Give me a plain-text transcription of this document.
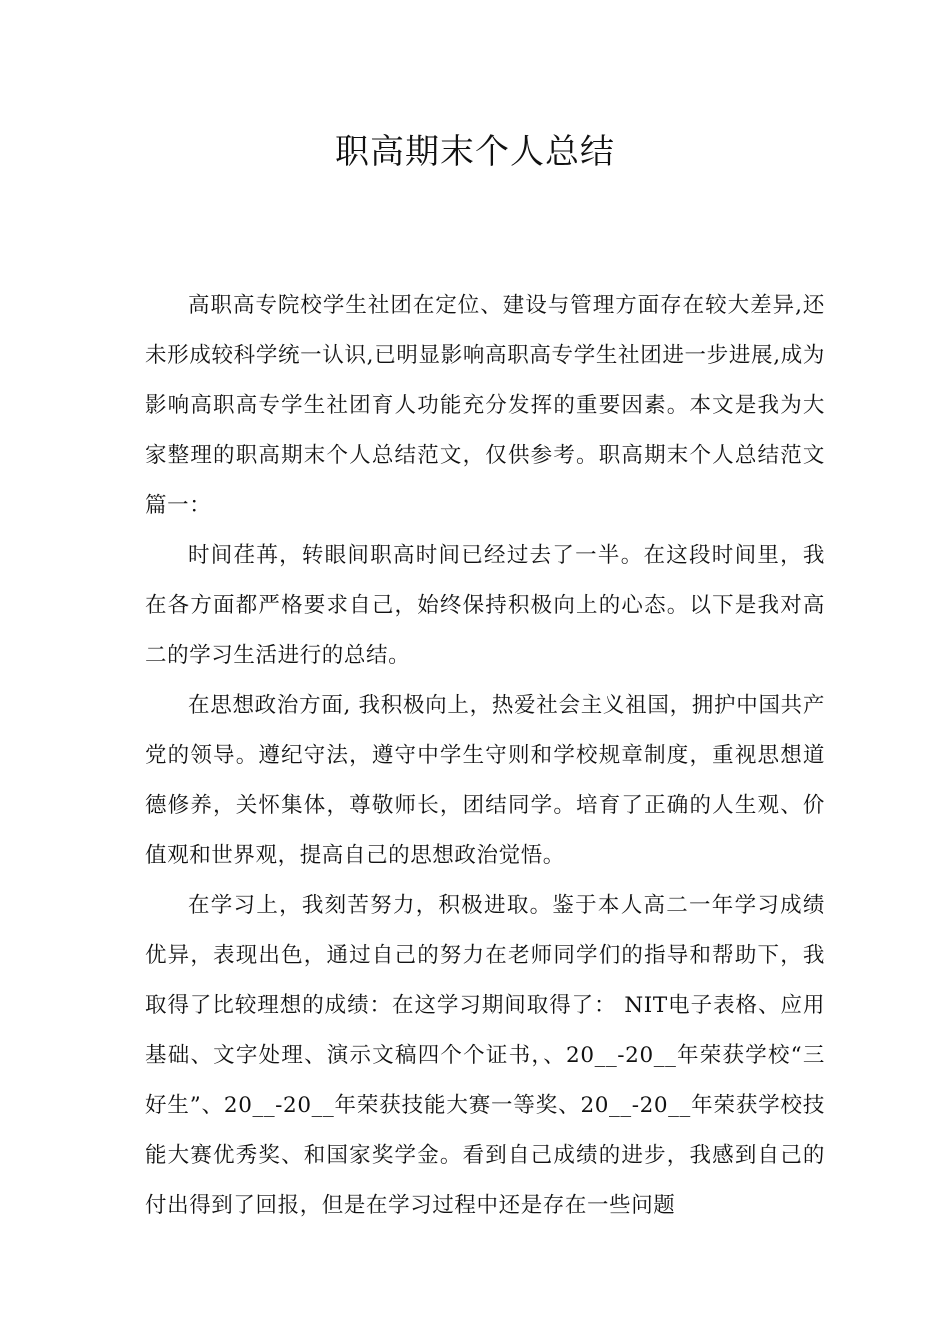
职高期末个人总结

高职高专院校学生社团在定位、建设与管理方面存在较大差异,还未形成较科学统一认识,已明显影响高职高专学生社团进一步进展,成为影响高职高专学生社团育人功能充分发挥的重要因素。本文是我为大家整理的职高期末个人总结范文，仅供参考。职高期末个人总结范文篇一：

时间荏苒，转眼间职高时间已经过去了一半。在这段时间里，我在各方面都严格要求自己，始终保持积极向上的心态。以下是我对高二的学习生活进行的总结。

在思想政治方面, 我积极向上，热爱社会主义祖国，拥护中国共产党的领导。遵纪守法，遵守中学生守则和学校规章制度，重视思想道德修养，关怀集体，尊敬师长，团结同学。培育了正确的人生观、价值观和世界观，提高自己的思想政治觉悟。

在学习上，我刻苦努力，积极进取。鉴于本人高二一年学习成绩优异，表现出色，通过自己的努力在老师同学们的指导和帮助下，我取得了比较理想的成绩：在这学习期间取得了： NIT电子表格、应用基础、文字处理、演示文稿四个个证书，、20__-20__年荣获学校“三好生”、20__-20__年荣获技能大赛一等奖、20__-20__年荣获学校技能大赛优秀奖、和国家奖学金。看到自己成绩的进步，我感到自己的付出得到了回报，但是在学习过程中还是存在一些问题
